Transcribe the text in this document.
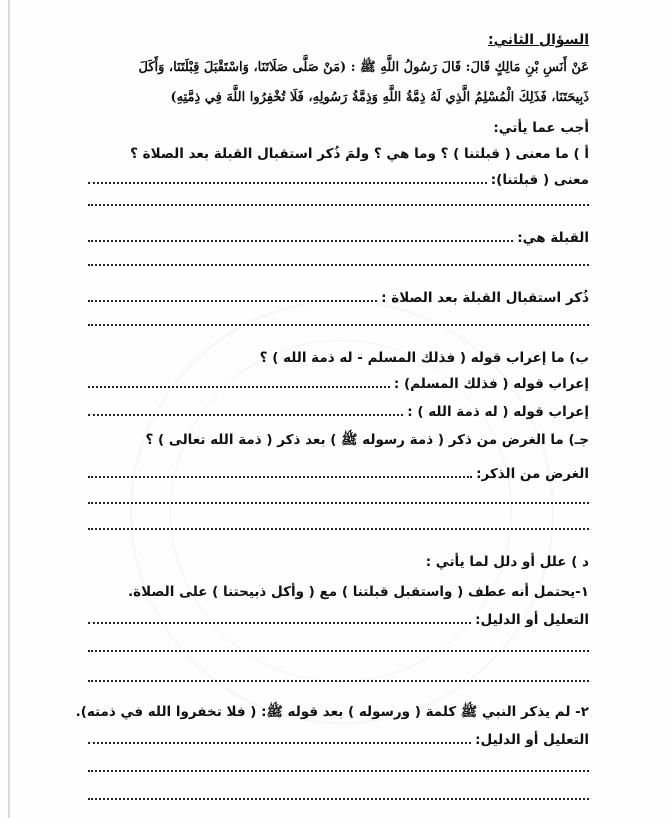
السؤال الثاني:
عَنْ أَنَسِ بْنِ مَالِكٍ قَالَ: قَالَ رَسُولُ اللَّهِ ﷺ : (مَنْ صَلَّى صَلَاتَنَا، وَاسْتَقْبَلَ قِبْلَتَنَا، وَأَكَلَ
ذَبِيحَتَنَا، فَذَلِكَ الْمُسْلِمُ الَّذِي لَهُ ذِمَّةُ اللَّهِ وَذِمَّةُ رَسُولِهِ، فَلَا تُخْفِرُوا اللَّهَ فِي ذِمَّتِهِ)
أجب عما يأتي:
أ ) ما معنى ( قبلتنا ) ؟ وما هي ؟ ولمَ ذُكر استقبال القبلة بعد الصلاة ؟
معنى ( قبلتنا):
القبلة هي:
ذُكر استقبال القبلة بعد الصلاة :
ب) ما إعراب قوله ( فذلك المسلم - له ذمة الله ) ؟
إعراب قوله ( فذلك المسلم) :
إعراب قوله ( له ذمة الله ) :
جـ) ما الغرض من ذكر ( ذمة رسوله ﷺ ) بعد ذكر ( ذمة الله تعالى ) ؟
الغرض من الذكر:
د ) علل أو دلل لما يأتي :
١-يحتمل أنه عطف ( واستقبل قبلتنا ) مع ( وأكل ذبيحتنا ) على الصلاة.
التعليل أو الدليل:
٢- لم يذكر النبي ﷺ كلمة ( ورسوله ) بعد قوله ﷺ: ( فلا تخفروا الله في ذمته).
التعليل أو الدليل:
